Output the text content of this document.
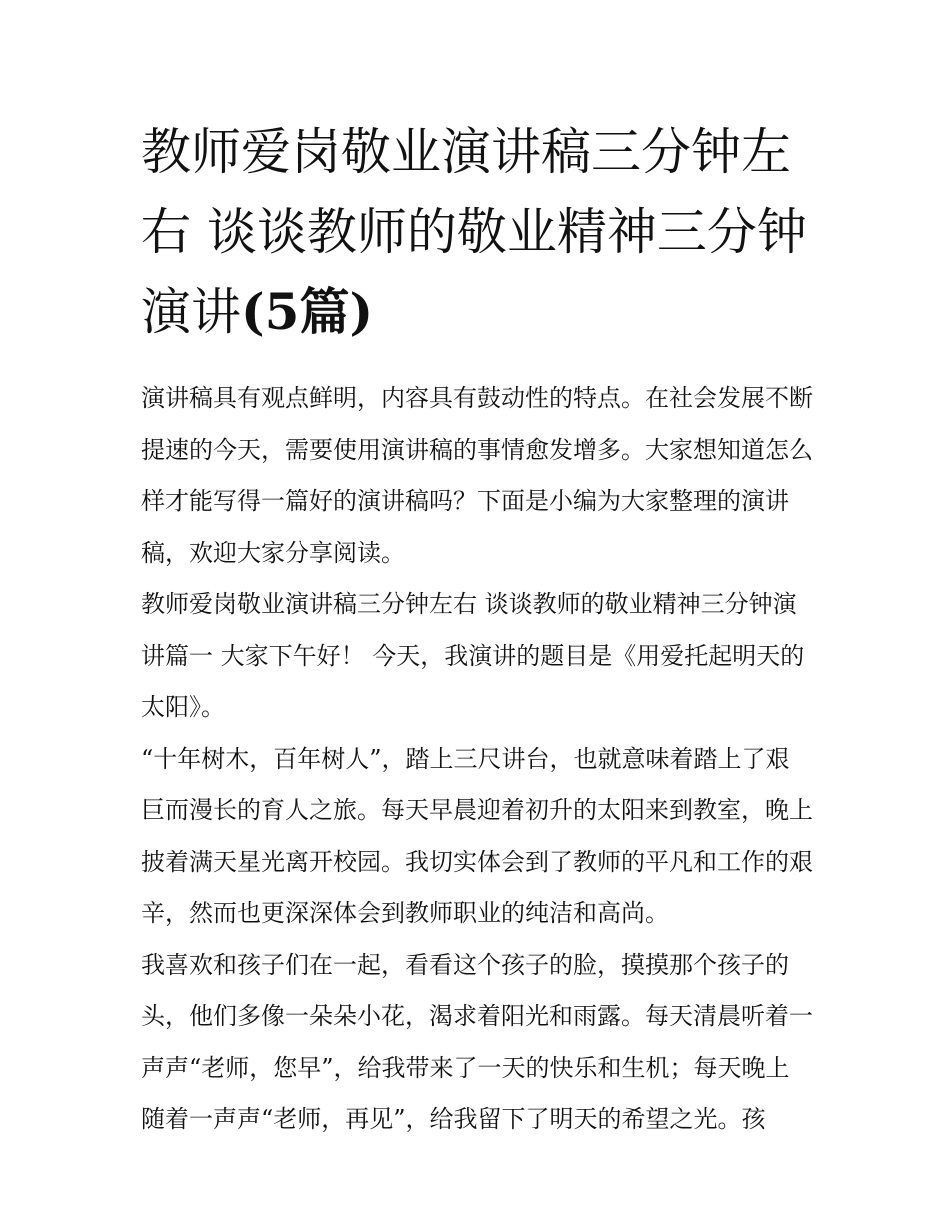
教师爱岗敬业演讲稿三分钟左右 谈谈教师的敬业精神三分钟演讲(5篇)

演讲稿具有观点鲜明，内容具有鼓动性的特点。在社会发展不断提速的今天，需要使用演讲稿的事情愈发增多。大家想知道怎么样才能写得一篇好的演讲稿吗？下面是小编为大家整理的演讲稿，欢迎大家分享阅读。

教师爱岗敬业演讲稿三分钟左右 谈谈教师的敬业精神三分钟演讲篇一 大家下午好！ 今天，我演讲的题目是《用爱托起明天的太阳》。

“十年树木，百年树人”，踏上三尺讲台，也就意味着踏上了艰巨而漫长的育人之旅。每天早晨迎着初升的太阳来到教室，晚上披着满天星光离开校园。我切实体会到了教师的平凡和工作的艰辛，然而也更深深体会到教师职业的纯洁和高尚。

我喜欢和孩子们在一起，看看这个孩子的脸，摸摸那个孩子的头，他们多像一朵朵小花，渴求着阳光和雨露。每天清晨听着一声声“老师，您早”，给我带来了一天的快乐和生机；每天晚上随着一声声“老师，再见”，给我留下了明天的希望之光。孩
